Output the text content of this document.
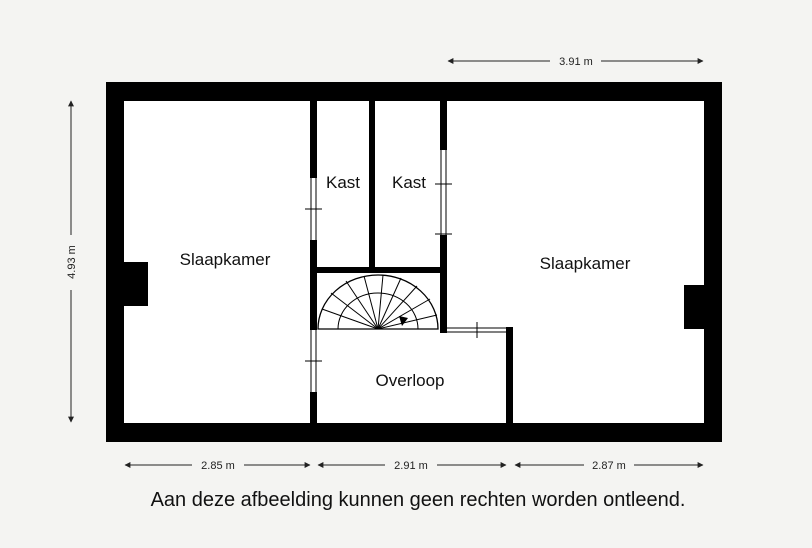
Slaapkamer	Slaapkamer
Kast Kast
Overloop
3.91 m
4.93 m
2.85 m	2.91 m	2.87 m
Aan deze afbeelding kunnen geen rechten worden ontleend.
